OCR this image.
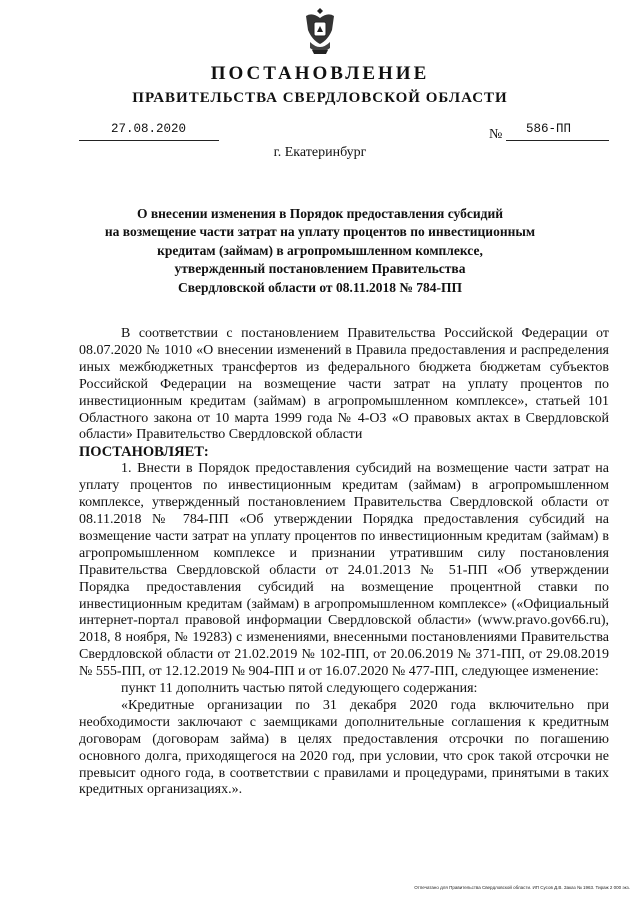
ПОСТАНОВЛЕНИЕ
ПРАВИТЕЛЬСТВА СВЕРДЛОВСКОЙ ОБЛАСТИ
27.08.2020	№ 586-ПП
г. Екатеринбург
О внесении изменения в Порядок предоставления субсидий
на возмещение части затрат на уплату процентов по инвестиционным
кредитам (займам) в агропромышленном комплексе,
утвержденный постановлением Правительства
Свердловской области от 08.11.2018 № 784-ПП

В соответствии с постановлением Правительства Российской Федерации от 08.07.2020 № 1010 «О внесении изменений в Правила предоставления и распределения иных межбюджетных трансфертов из федерального бюджета бюджетам субъектов Российской Федерации на возмещение части затрат на уплату процентов по инвестиционным кредитам (займам) в агропромышленном комплексе», статьей 101 Областного закона от 10 марта 1999 года № 4-ОЗ «О правовых актах в Свердловской области» Правительство Свердловской области

ПОСТАНОВЛЯЕТ:

1. Внести в Порядок предоставления субсидий на возмещение части затрат на уплату процентов по инвестиционным кредитам (займам) в агропромышленном комплексе, утвержденный постановлением Правительства Свердловской области от 08.11.2018 № 784-ПП «Об утверждении Порядка предоставления субсидий на возмещение части затрат на уплату процентов по инвестиционным кредитам (займам) в агропромышленном комплексе и признании утратившим силу постановления Правительства Свердловской области от 24.01.2013 № 51-ПП «Об утверждении Порядка предоставления субсидий на возмещение процентной ставки по инвестиционным кредитам (займам) в агропромышленном комплексе» («Официальный интернет-портал правовой информации Свердловской области» (www.pravo.gov66.ru), 2018, 8 ноября, № 19283) с изменениями, внесенными постановлениями Правительства Свердловской области от 21.02.2019 № 102-ПП, от 20.06.2019 № 371-ПП, от 29.08.2019 № 555-ПП, от 12.12.2019 № 904-ПП и от 16.07.2020 № 477-ПП, следующее изменение:

пункт 11 дополнить частью пятой следующего содержания:

«Кредитные организации по 31 декабря 2020 года включительно при необходимости заключают с заемщиками дополнительные соглашения к кредитным договорам (договорам займа) в целях предоставления отсрочки по погашению основного долга, приходящегося на 2020 год, при условии, что срок такой отсрочки не превысит одного года, в соответствии с правилами и процедурами, принятыми в таких кредитных организациях.».

Отпечатано для Правительства Свердловской области. ИП Сусов Д.В. Заказ № 1963. Тираж 2 000 экз.
